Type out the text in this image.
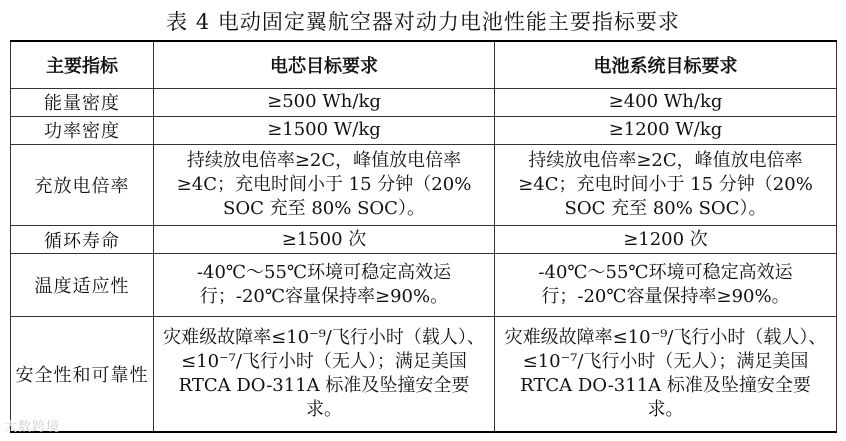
表 4 电动固定翼航空器对动力电池性能主要指标要求
主要指标	电芯目标要求	电池系统目标要求
能量密度	≥500 Wh/kg	≥400 Wh/kg
功率密度	≥1500 W/kg	≥1200 W/kg
充放电倍率	持续放电倍率≥2C，峰值放电倍率≥4C；充电时间小于 15 分钟（20% SOC 充至 80% SOC）。	持续放电倍率≥2C，峰值放电倍率≥4C；充电时间小于 15 分钟（20% SOC 充至 80% SOC）。
循环寿命	≥1500 次	≥1200 次
温度适应性	-40℃～55℃环境可稳定高效运行；-20℃容量保持率≥90%。	-40℃～55℃环境可稳定高效运行；-20℃容量保持率≥90%。
安全性和可靠性	灾难级故障率≤10⁻⁹/飞行小时（载人）、≤10⁻⁷/飞行小时（无人）；满足美国 RTCA DO-311A 标准及坠撞安全要求。	灾难级故障率≤10⁻⁹/飞行小时（载人）、≤10⁻⁷/飞行小时（无人）；满足美国 RTCA DO-311A 标准及坠撞安全要求。
大数跨境
